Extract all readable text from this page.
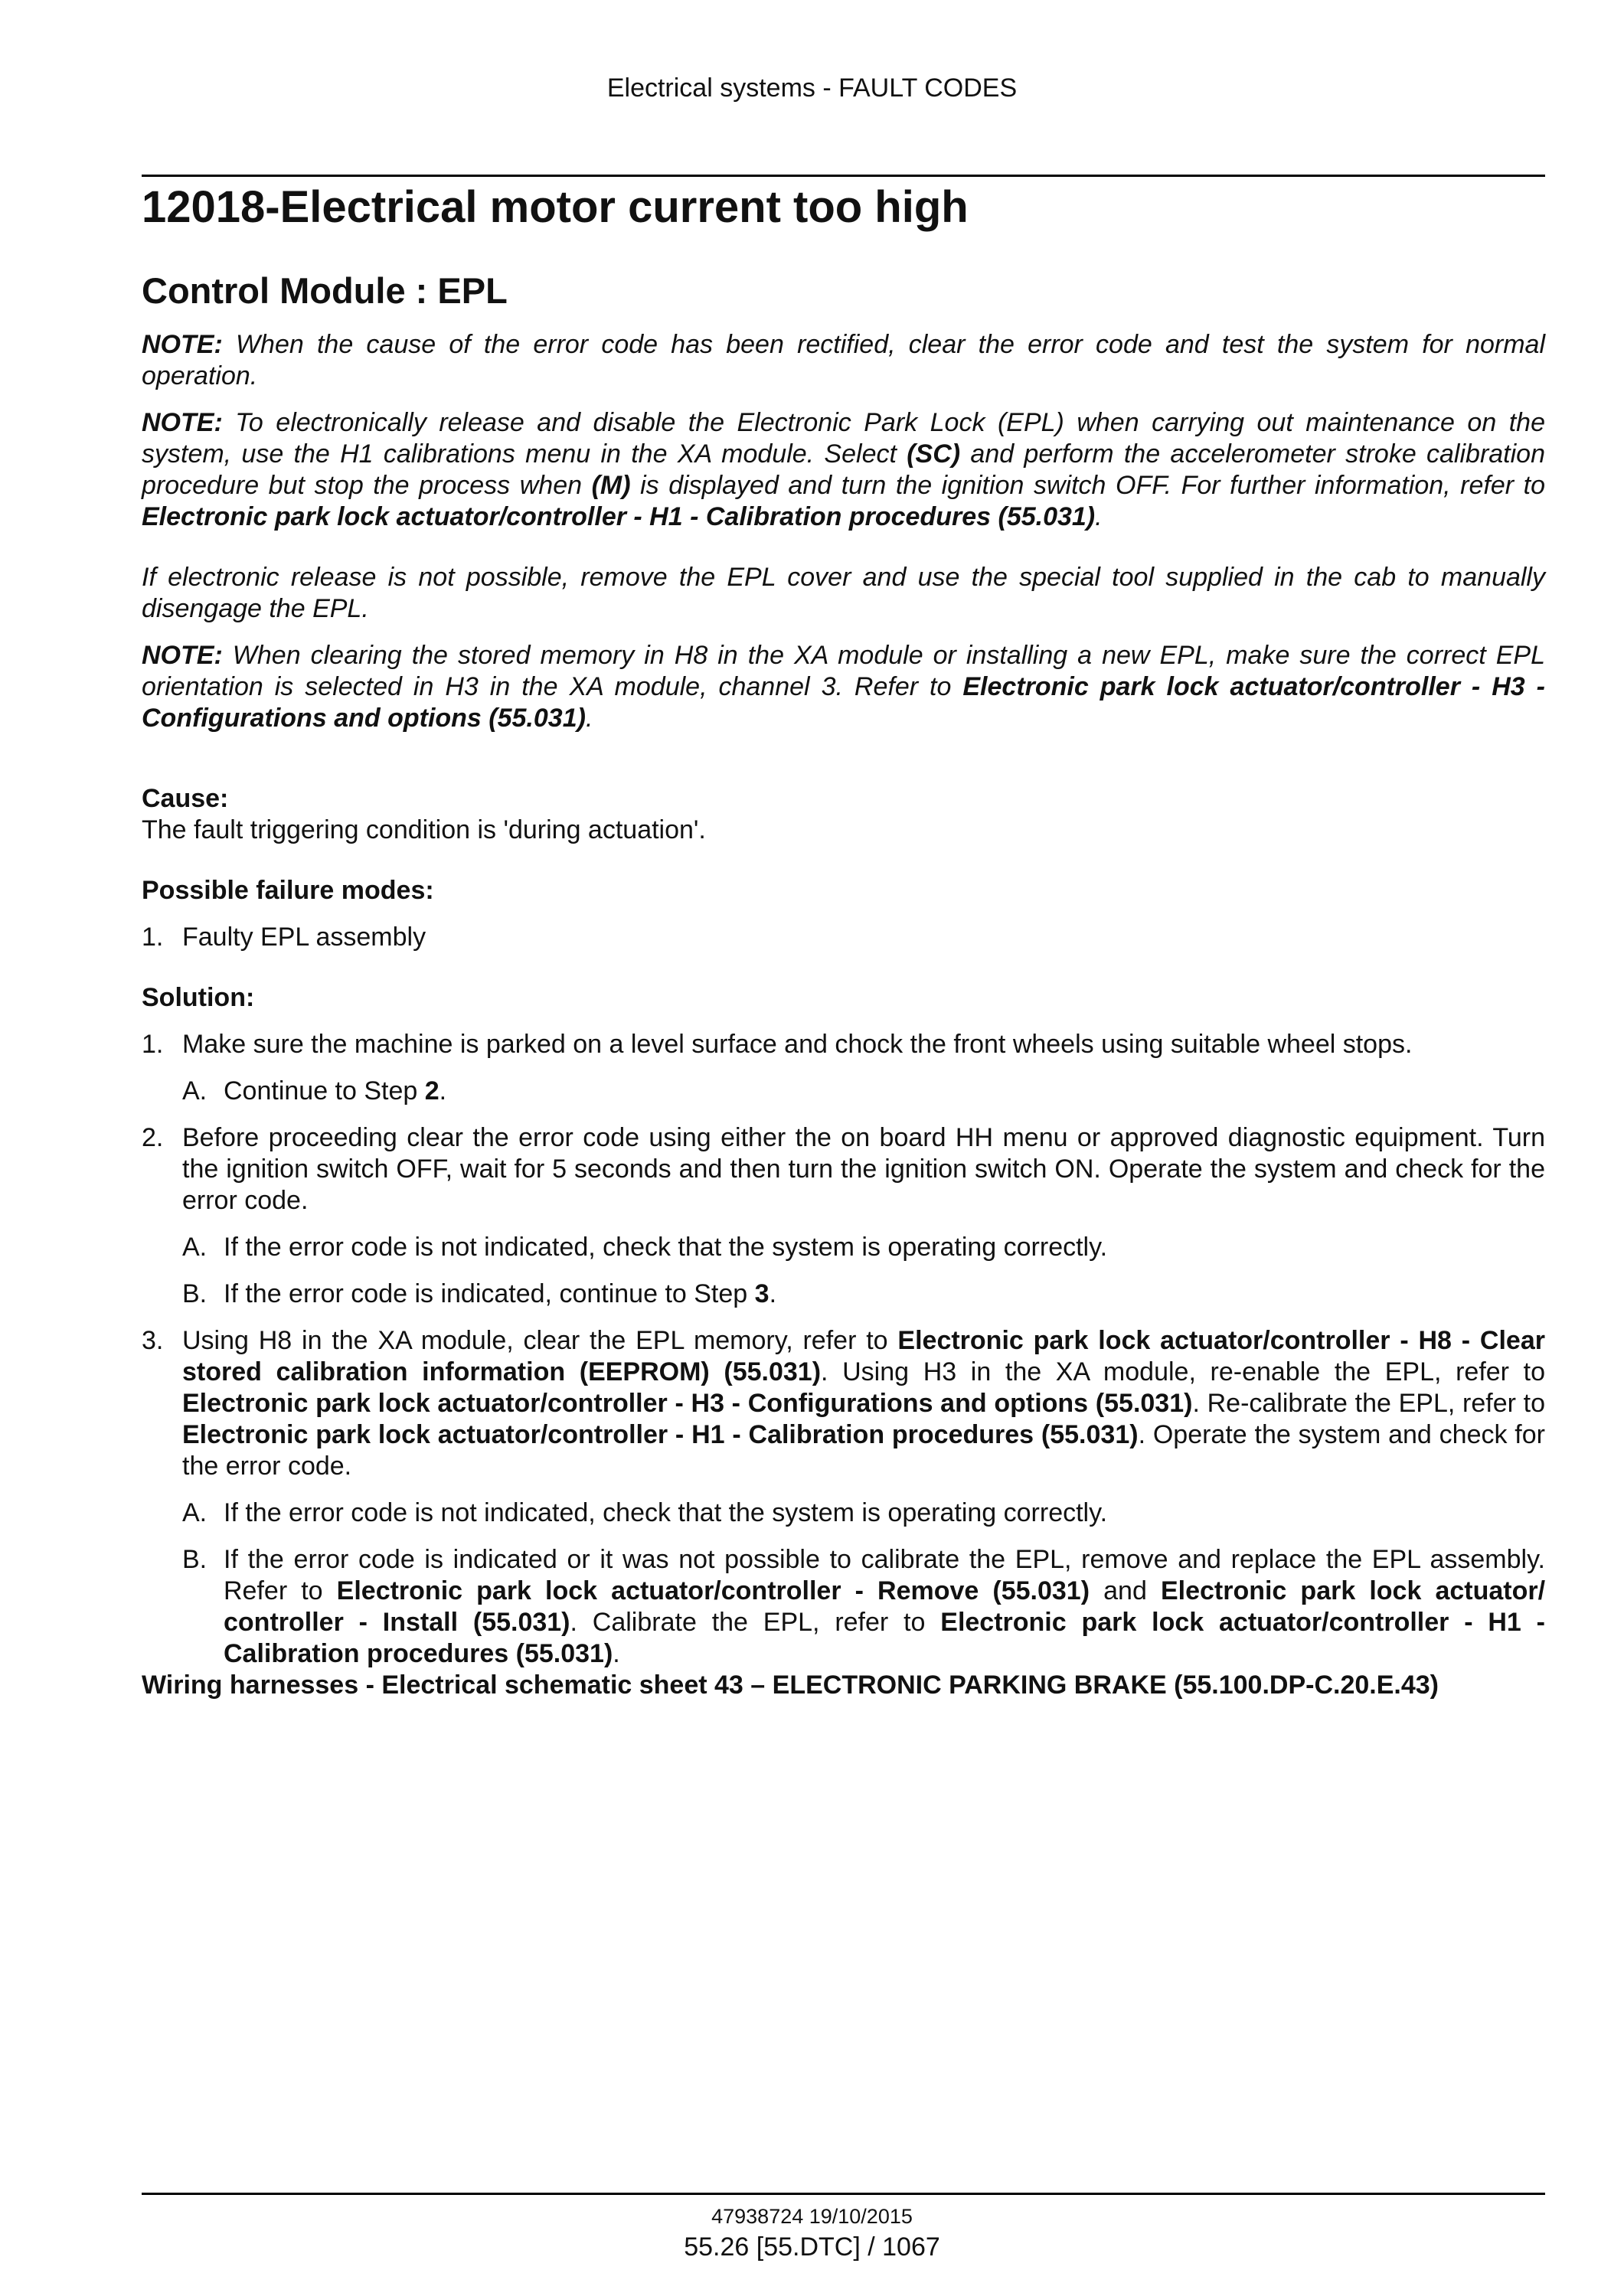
Electrical systems - FAULT CODES
12018-Electrical motor current too high
Control Module : EPL

NOTE: When the cause of the error code has been rectified, clear the error code and test the system for normal operation.

NOTE: To electronically release and disable the Electronic Park Lock (EPL) when carrying out maintenance on the system, use the H1 calibrations menu in the XA module. Select (SC) and perform the accelerometer stroke calibration procedure but stop the process when (M) is displayed and turn the ignition switch OFF. For further information, refer to Electronic park lock actuator/controller - H1 - Calibration procedures (55.031).

If electronic release is not possible, remove the EPL cover and use the special tool supplied in the cab to manually disengage the EPL.

NOTE: When clearing the stored memory in H8 in the XA module or installing a new EPL, make sure the correct EPL orientation is selected in H3 in the XA module, channel 3. Refer to Electronic park lock actuator/controller - H3 - Configurations and options (55.031).

Cause:

The fault triggering condition is 'during actuation'.

Possible failure modes:

1. Faulty EPL assembly

Solution:

1. Make sure the machine is parked on a level surface and chock the front wheels using suitable wheel stops.
A. Continue to Step 2.
2. Before proceeding clear the error code using either the on board HH menu or approved diagnostic equipment. Turn the ignition switch OFF, wait for 5 seconds and then turn the ignition switch ON. Operate the system and check for the error code.
A. If the error code is not indicated, check that the system is operating correctly.
B. If the error code is indicated, continue to Step 3.
3. Using H8 in the XA module, clear the EPL memory, refer to Electronic park lock actuator/controller - H8 - Clear stored calibration information (EEPROM) (55.031). Using H3 in the XA module, re-enable the EPL, refer to Electronic park lock actuator/controller - H3 - Configurations and options (55.031). Re-calibrate the EPL, refer to Electronic park lock actuator/controller - H1 - Calibration procedures (55.031). Operate the system and check for the error code.
A. If the error code is not indicated, check that the system is operating correctly.
B. If the error code is indicated or it was not possible to calibrate the EPL, remove and replace the EPL assembly. Refer to Electronic park lock actuator/controller - Remove (55.031) and Electronic park lock actuator/ controller - Install (55.031). Calibrate the EPL, refer to Electronic park lock actuator/controller - H1 - Calibration procedures (55.031).

Wiring harnesses - Electrical schematic sheet 43 – ELECTRONIC PARKING BRAKE (55.100.DP-C.20.E.43)

47938724 19/10/2015
55.26 [55.DTC] / 1067
